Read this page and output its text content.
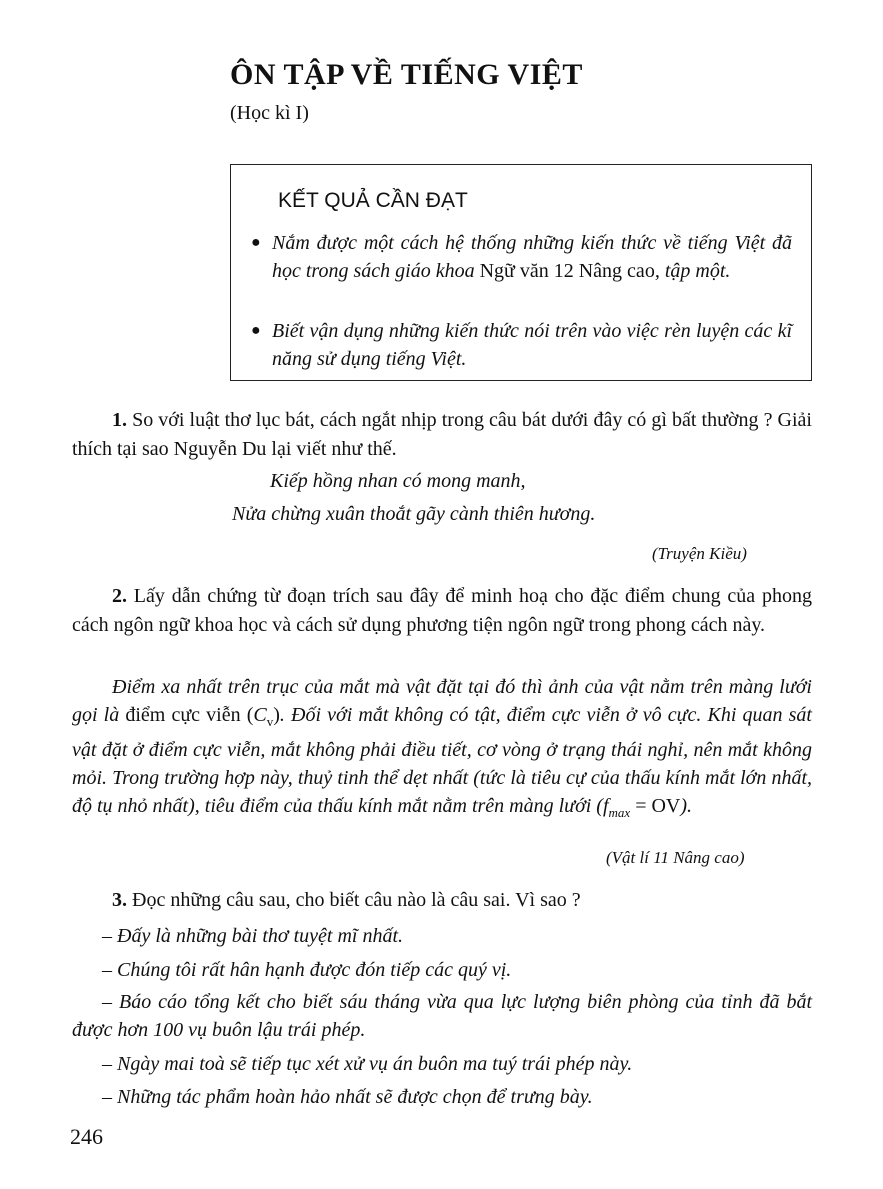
ÔN TẬP VỀ TIẾNG VIỆT
(Học kì I)
KẾT QUẢ CẦN ĐẠT
● Nắm được một cách hệ thống những kiến thức về tiếng Việt đã học trong sách giáo khoa Ngữ văn 12 Nâng cao, tập một.
● Biết vận dụng những kiến thức nói trên vào việc rèn luyện các kĩ năng sử dụng tiếng Việt.
1. So với luật thơ lục bát, cách ngắt nhịp trong câu bát dưới đây có gì bất thường ? Giải thích tại sao Nguyễn Du lại viết như thế.
Kiếp hồng nhan có mong manh,
Nửa chừng xuân thoắt gãy cành thiên hương.
(Truyện Kiều)
2. Lấy dẫn chứng từ đoạn trích sau đây để minh hoạ cho đặc điểm chung của phong cách ngôn ngữ khoa học và cách sử dụng phương tiện ngôn ngữ trong phong cách này.
Điểm xa nhất trên trục của mắt mà vật đặt tại đó thì ảnh của vật nằm trên màng lưới gọi là điểm cực viễn $(C_v)$. Đối với mắt không có tật, điểm cực viễn ở vô cực. Khi quan sát vật đặt ở điểm cực viễn, mắt không phải điều tiết, cơ vòng ở trạng thái nghỉ, nên mắt không mỏi. Trong trường hợp này, thuỷ tinh thể dẹt nhất (tức là tiêu cự của thấu kính mắt lớn nhất, độ tụ nhỏ nhất), tiêu điểm của thấu kính mắt nằm trên màng lưới $(f_{max} = OV)$.
(Vật lí 11 Nâng cao)
3. Đọc những câu sau, cho biết câu nào là câu sai. Vì sao ?
– Đấy là những bài thơ tuyệt mĩ nhất.
– Chúng tôi rất hân hạnh được đón tiếp các quý vị.
– Báo cáo tổng kết cho biết sáu tháng vừa qua lực lượng biên phòng của tỉnh đã bắt được hơn 100 vụ buôn lậu trái phép.
– Ngày mai toà sẽ tiếp tục xét xử vụ án buôn ma tuý trái phép này.
– Những tác phẩm hoàn hảo nhất sẽ được chọn để trưng bày.
246
